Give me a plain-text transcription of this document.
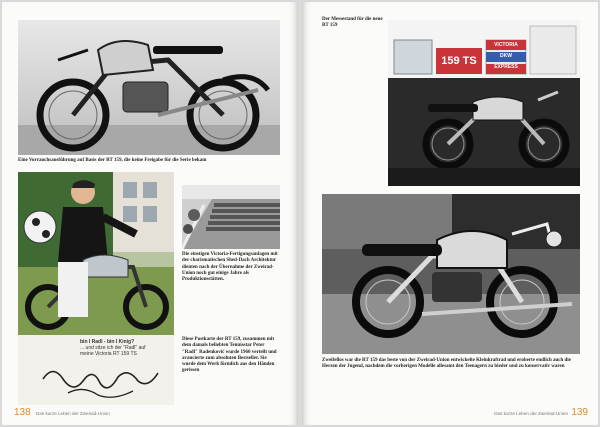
Eine Vorrauchsausführung auf Basis der RT 159, die keine Freigabe für die Serie bekam
bin I Radl - bin I Kinig?
... und sitze ich der "Radl" auf
meine Victoria RT 159 TS
Die einstigen Victoria-Fertigungsanlagen mit der charismatischen Shed-Dach Architektur dienten nach der Übernahme der Zweirad-Union noch gut einige Jahre als Produktionsstätten.
Diese Postkarte der RT 159, zusammen mit dem damals beliebten Tennisstar Peter "Radl" Radenković wurde 1960 verteilt und avancierte zum absoluten Bestseller. Sie wurde dem Werk förmlich aus den Händen gerissen
138 Das kurze Leben der Zweirad-Union
Der Messestand für die neue RT 159
159 TS
VICTORIA
DKW
EXPRESS
Zweifellos war die RT 159 das beste von der Zweirad-Union entwickelte Kleinkraftrad und eroberte endlich auch die Herzen der Jugend, nachdem die vorherigen Modelle allesamt den Teenagern zu bieder und zu konservativ waren
Das kurze Leben der Zweirad-Union 139
